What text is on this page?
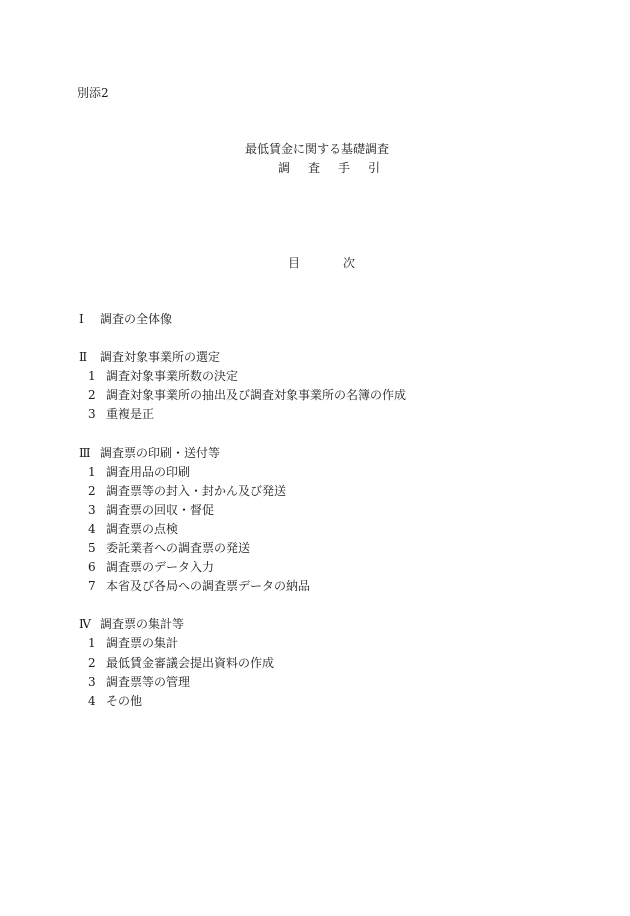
別添2
最低賃金に関する基礎調査
調 査 手 引
目	次
Ⅰ 調査の全体像
Ⅱ 調査対象事業所の選定
1 調査対象事業所数の決定
2 調査対象事業所の抽出及び調査対象事業所の名簿の作成
3 重複是正
Ⅲ 調査票の印刷・送付等
1 調査用品の印刷
2 調査票等の封入・封かん及び発送
3 調査票の回収・督促
4 調査票の点検
5 委託業者への調査票の発送
6 調査票のデータ入力
7 本省及び各局への調査票データの納品
Ⅳ 調査票の集計等
1 調査票の集計
2 最低賃金審議会提出資料の作成
3 調査票等の管理
4 その他
